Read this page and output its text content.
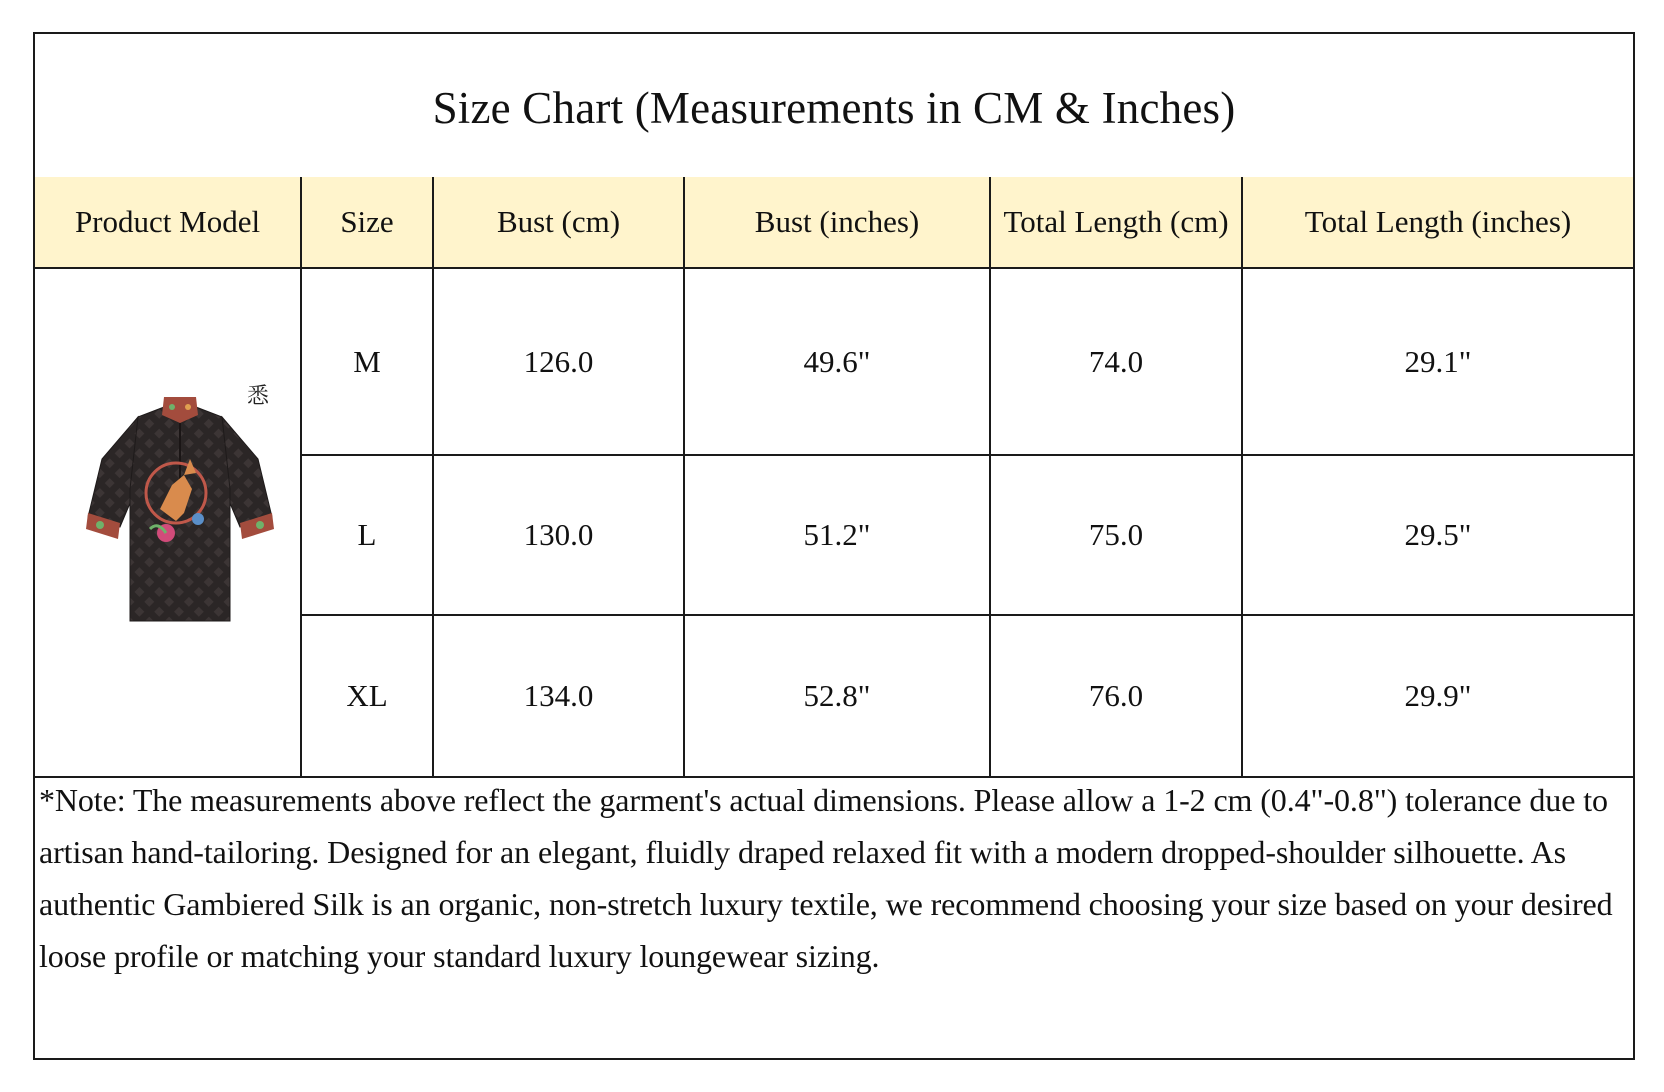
Size Chart (Measurements in CM & Inches)
Product Model	Size	Bust (cm)	Bust (inches)	Total Length (cm)	Total Length (inches)

悉	M	126.0	49.6"	74.0	29.1"
	L	130.0	51.2"	75.0	29.5"
	XL	134.0	52.8"	76.0	29.9"
*Note: The measurements above reflect the garment's actual dimensions. Please allow a 1-2 cm (0.4"-0.8") tolerance due to artisan hand-tailoring. Designed for an elegant, fluidly draped relaxed fit with a modern dropped-shoulder silhouette. As authentic Gambiered Silk is an organic, non-stretch luxury textile, we recommend choosing your size based on your desired loose profile or matching your standard luxury loungewear sizing.
